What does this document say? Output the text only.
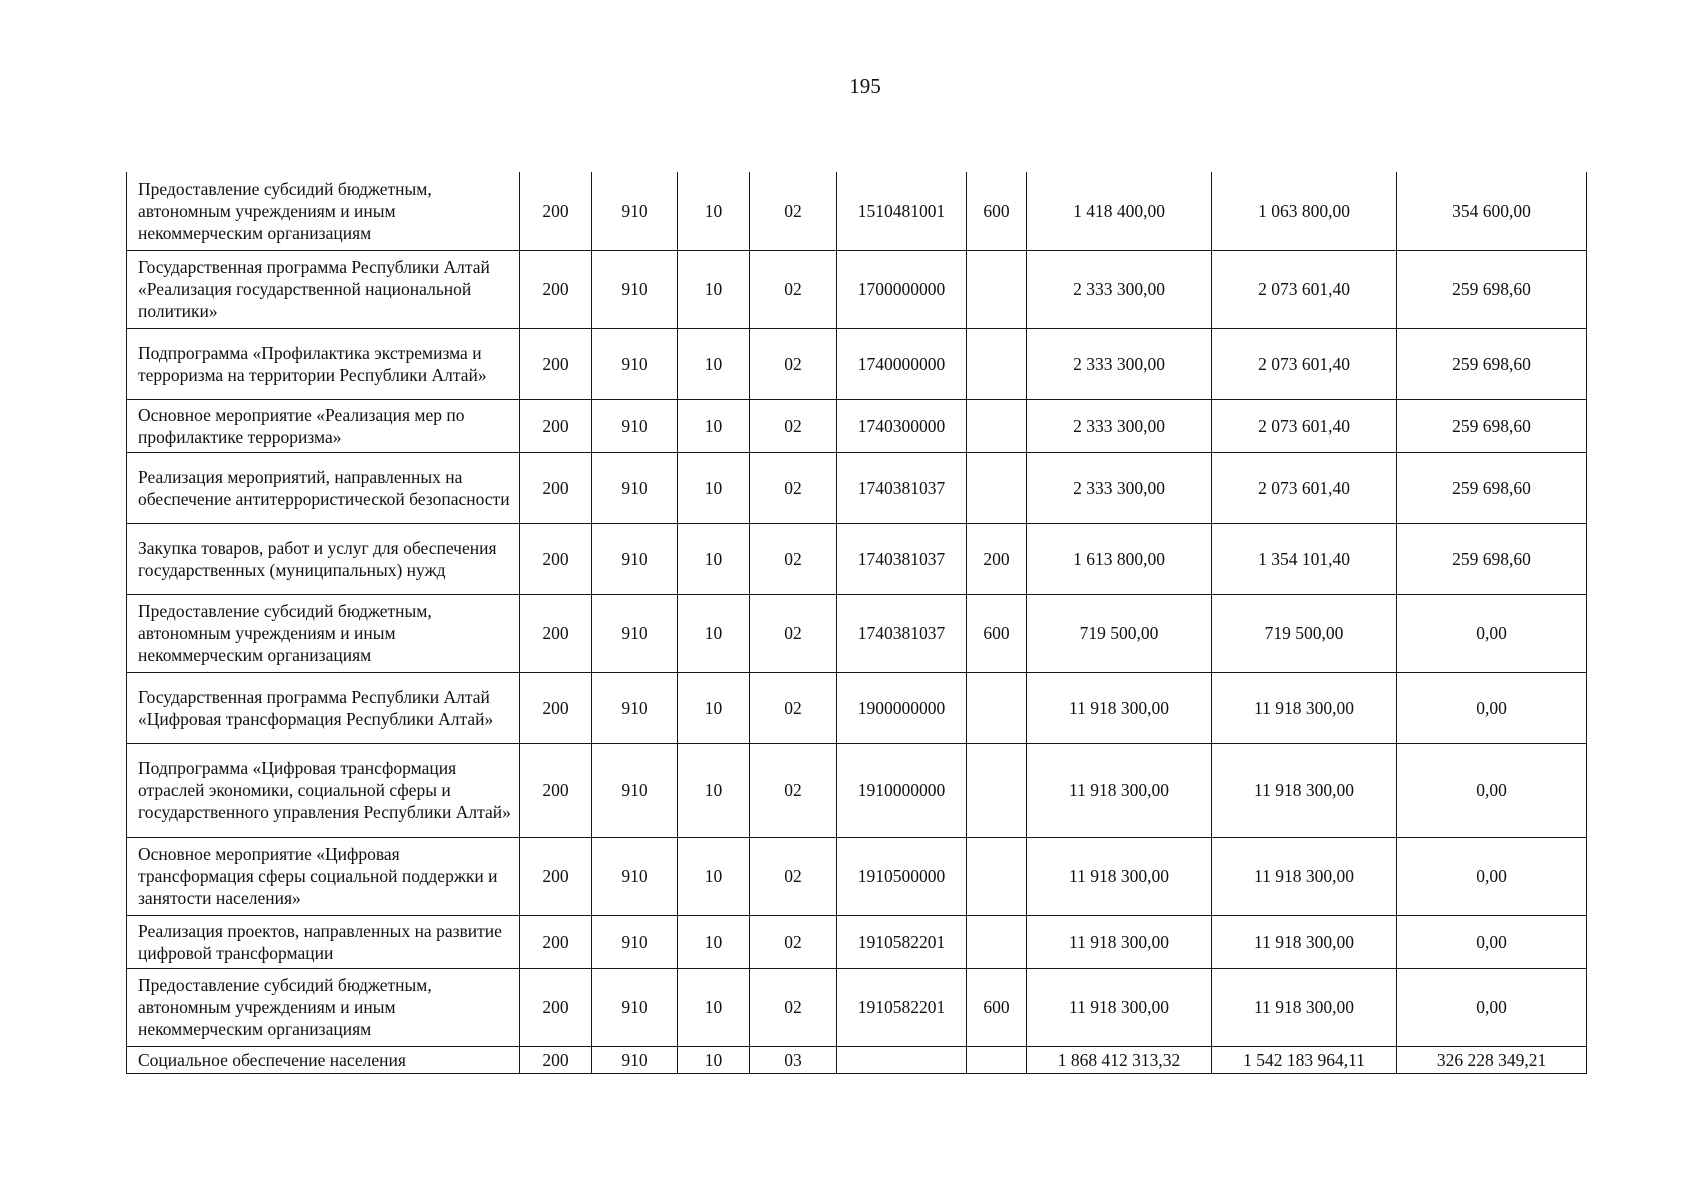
195
Предоставление субсидий бюджетным, автономным учреждениям и иным некоммерческим организациям	200	910	10	02	1510481001	600	1 418 400,00	1 063 800,00	354 600,00
Государственная программа Республики Алтай «Реализация государственной национальной политики»	200	910	10	02	1700000000		2 333 300,00	2 073 601,40	259 698,60
Подпрограмма «Профилактика экстремизма и терроризма на территории Республики Алтай»	200	910	10	02	1740000000		2 333 300,00	2 073 601,40	259 698,60
Основное мероприятие «Реализация мер по профилактике терроризма»	200	910	10	02	1740300000		2 333 300,00	2 073 601,40	259 698,60
Реализация мероприятий, направленных на обеспечение антитеррористической безопасности	200	910	10	02	1740381037		2 333 300,00	2 073 601,40	259 698,60
Закупка товаров, работ и услуг для обеспечения государственных (муниципальных) нужд	200	910	10	02	1740381037	200	1 613 800,00	1 354 101,40	259 698,60
Предоставление субсидий бюджетным, автономным учреждениям и иным некоммерческим организациям	200	910	10	02	1740381037	600	719 500,00	719 500,00	0,00
Государственная программа Республики Алтай «Цифровая трансформация Республики Алтай»	200	910	10	02	1900000000		11 918 300,00	11 918 300,00	0,00
Подпрограмма «Цифровая трансформация отраслей экономики, социальной сферы и государственного управления Республики Алтай»	200	910	10	02	1910000000		11 918 300,00	11 918 300,00	0,00
Основное мероприятие «Цифровая трансформация сферы социальной поддержки и занятости населения»	200	910	10	02	1910500000		11 918 300,00	11 918 300,00	0,00
Реализация проектов, направленных на развитие цифровой трансформации	200	910	10	02	1910582201		11 918 300,00	11 918 300,00	0,00
Предоставление субсидий бюджетным, автономным учреждениям и иным некоммерческим организациям	200	910	10	02	1910582201	600	11 918 300,00	11 918 300,00	0,00
Социальное обеспечение населения	200	910	10	03			1 868 412 313,32	1 542 183 964,11	326 228 349,21
